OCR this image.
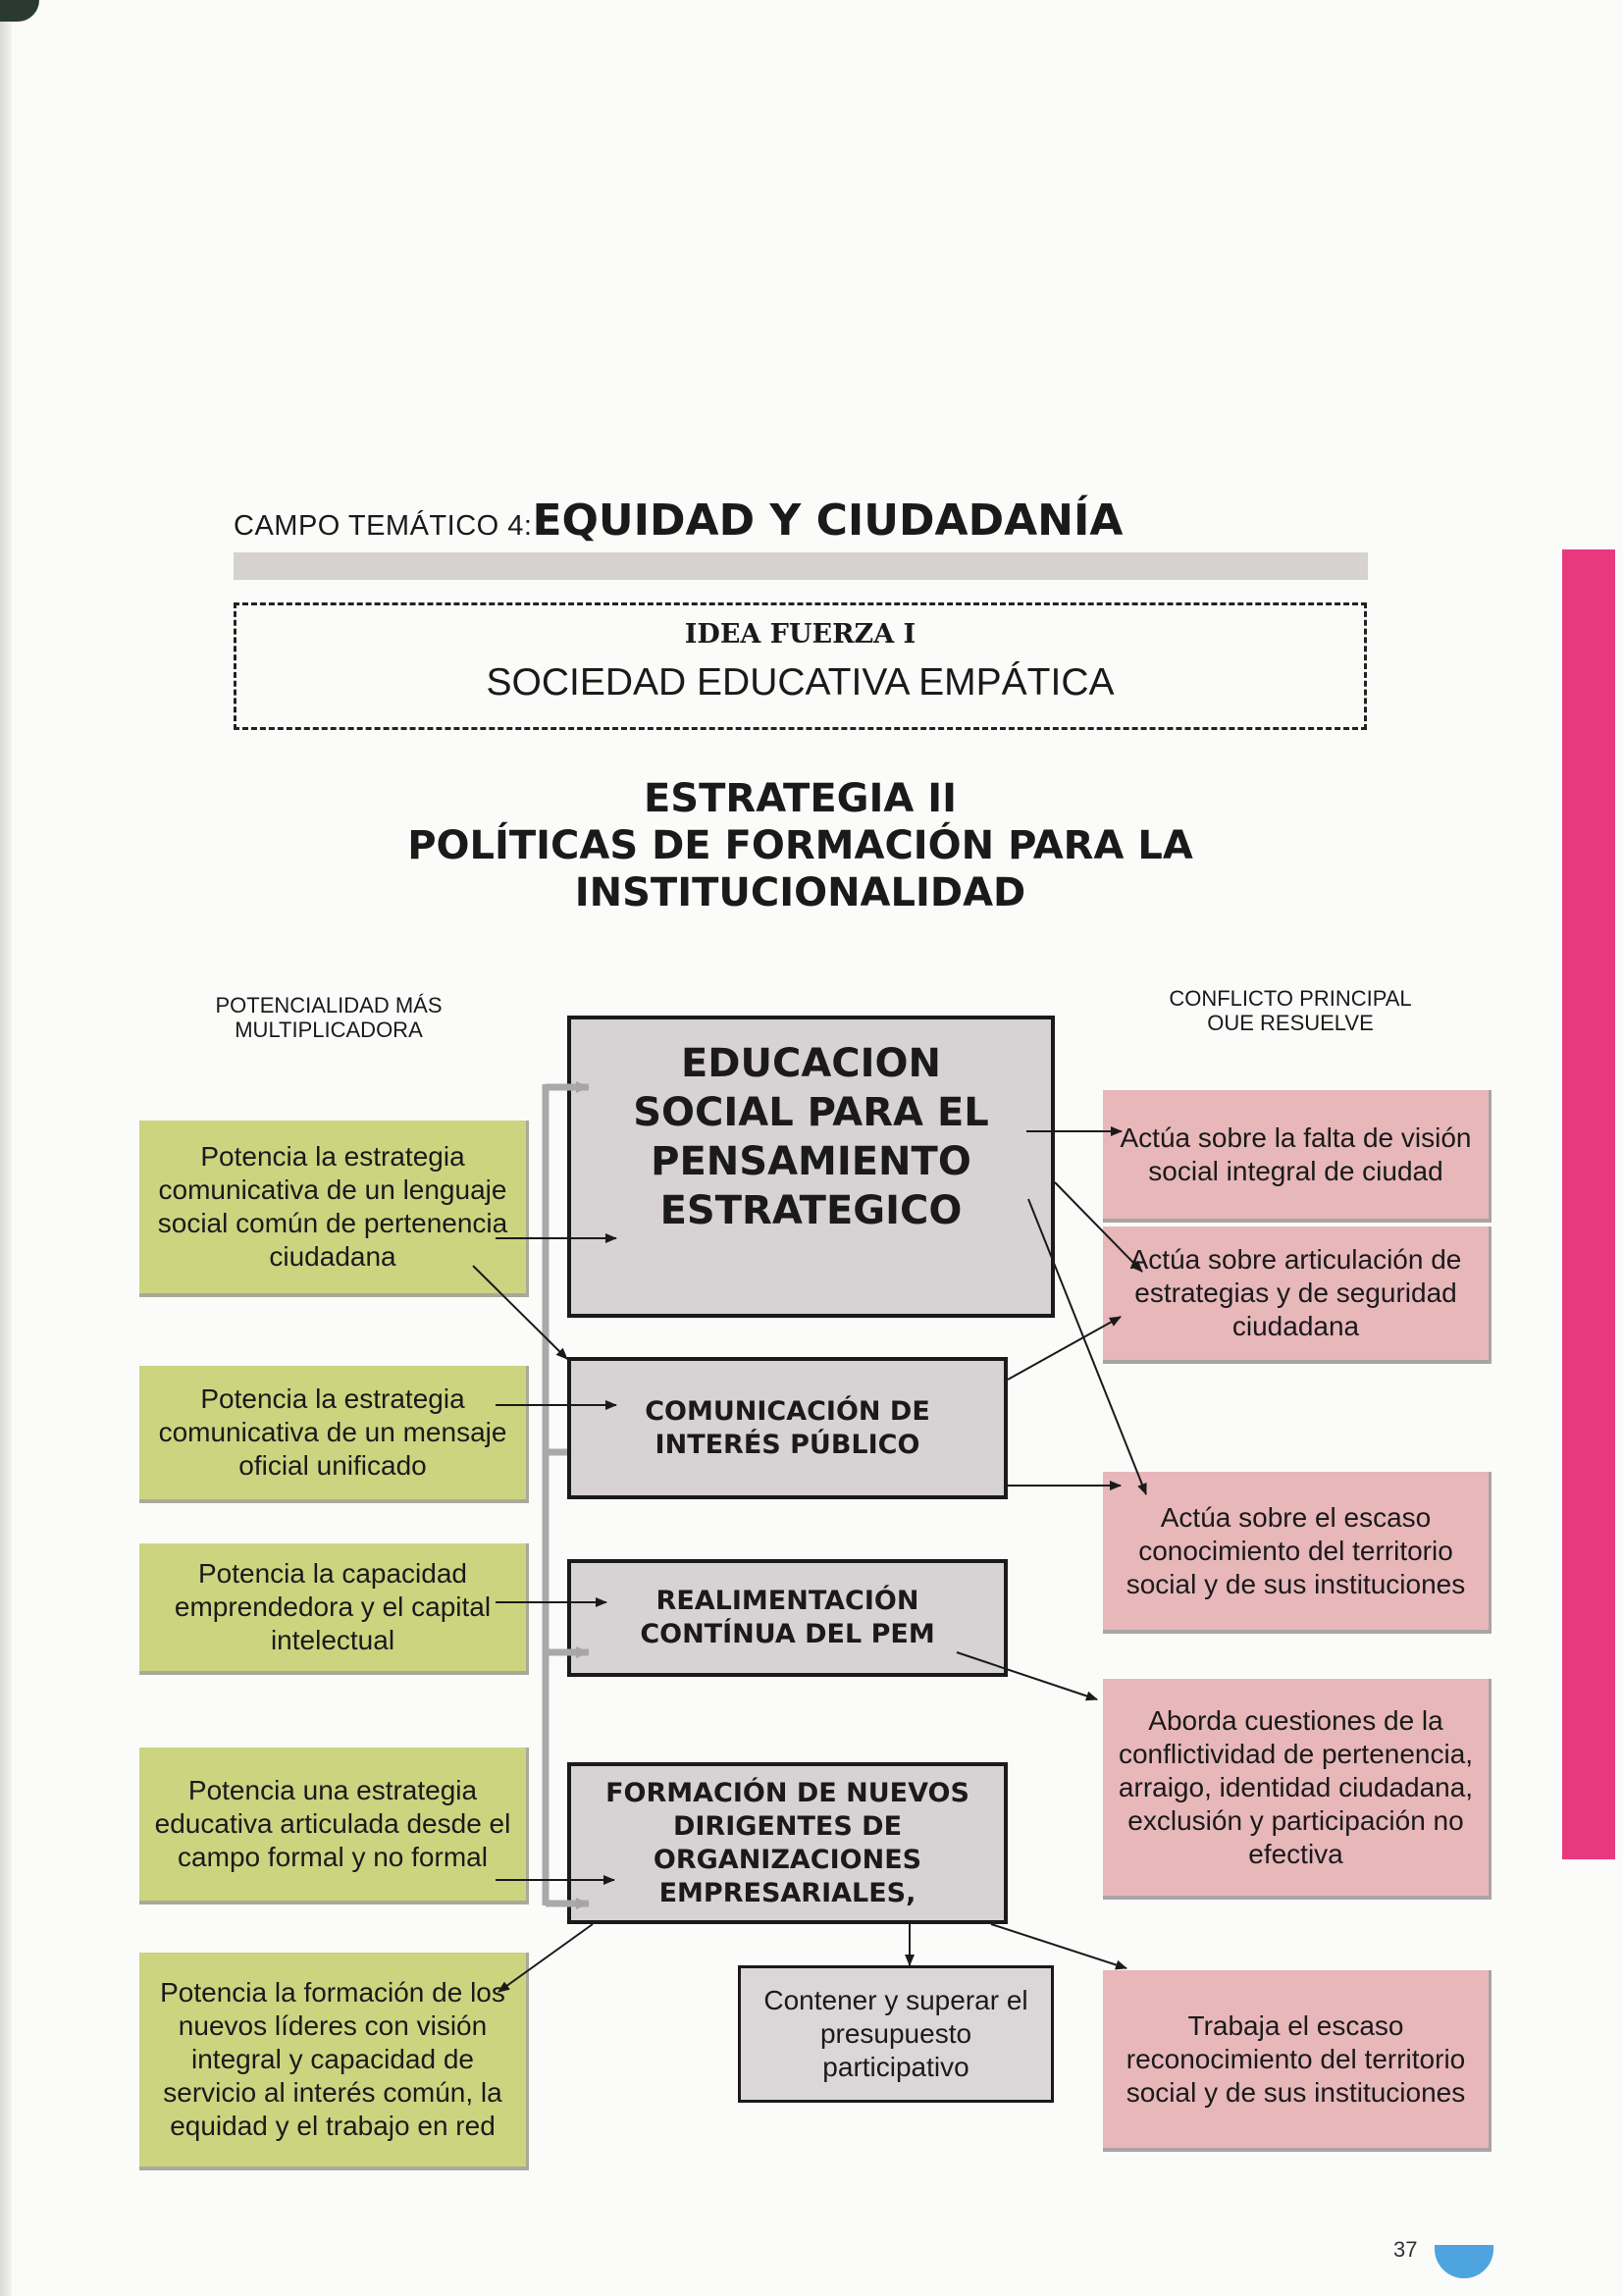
CAMPO TEMÁTICO 4:EQUIDAD Y CIUDADANÍA
IDEA FUERZA I
SOCIEDAD EDUCATIVA EMPÁTICA
ESTRATEGIA II
POLÍTICAS DE FORMACIÓN PARA LA
INSTITUCIONALIDAD
POTENCIALIDAD MÁS
MULTIPLICADORA
CONFLICTO PRINCIPAL
OUE RESUELVE
EDUCACION SOCIAL PARA EL PENSAMIENTO ESTRATEGICO
COMUNICACIÓN DE INTERÉS PÚBLICO
REALIMENTACIÓN CONTÍNUA DEL PEM
FORMACIÓN DE NUEVOS DIRIGENTES DE ORGANIZACIONES EMPRESARIALES,
Contener y superar el presupuesto participativo
Potencia la estrategia comunicativa de un lenguaje social común de pertenencia ciudadana
Potencia la estrategia comunicativa de un mensaje oficial unificado
Potencia la capacidad emprendedora y el capital intelectual
Potencia una estrategia educativa articulada desde el campo formal y no formal
Potencia la formación de los nuevos líderes con visión integral y capacidad de servicio al interés común, la equidad y el trabajo en red
Actúa sobre la falta de visión social integral de ciudad
Actúa sobre articulación de estrategias y de seguridad ciudadana
Actúa sobre el escaso conocimiento del territorio social y de sus instituciones
Aborda cuestiones de la conflictividad de pertenencia, arraigo, identidad ciudadana, exclusión y participación no efectiva
Trabaja el escaso reconocimiento del territorio social y de sus instituciones
37
